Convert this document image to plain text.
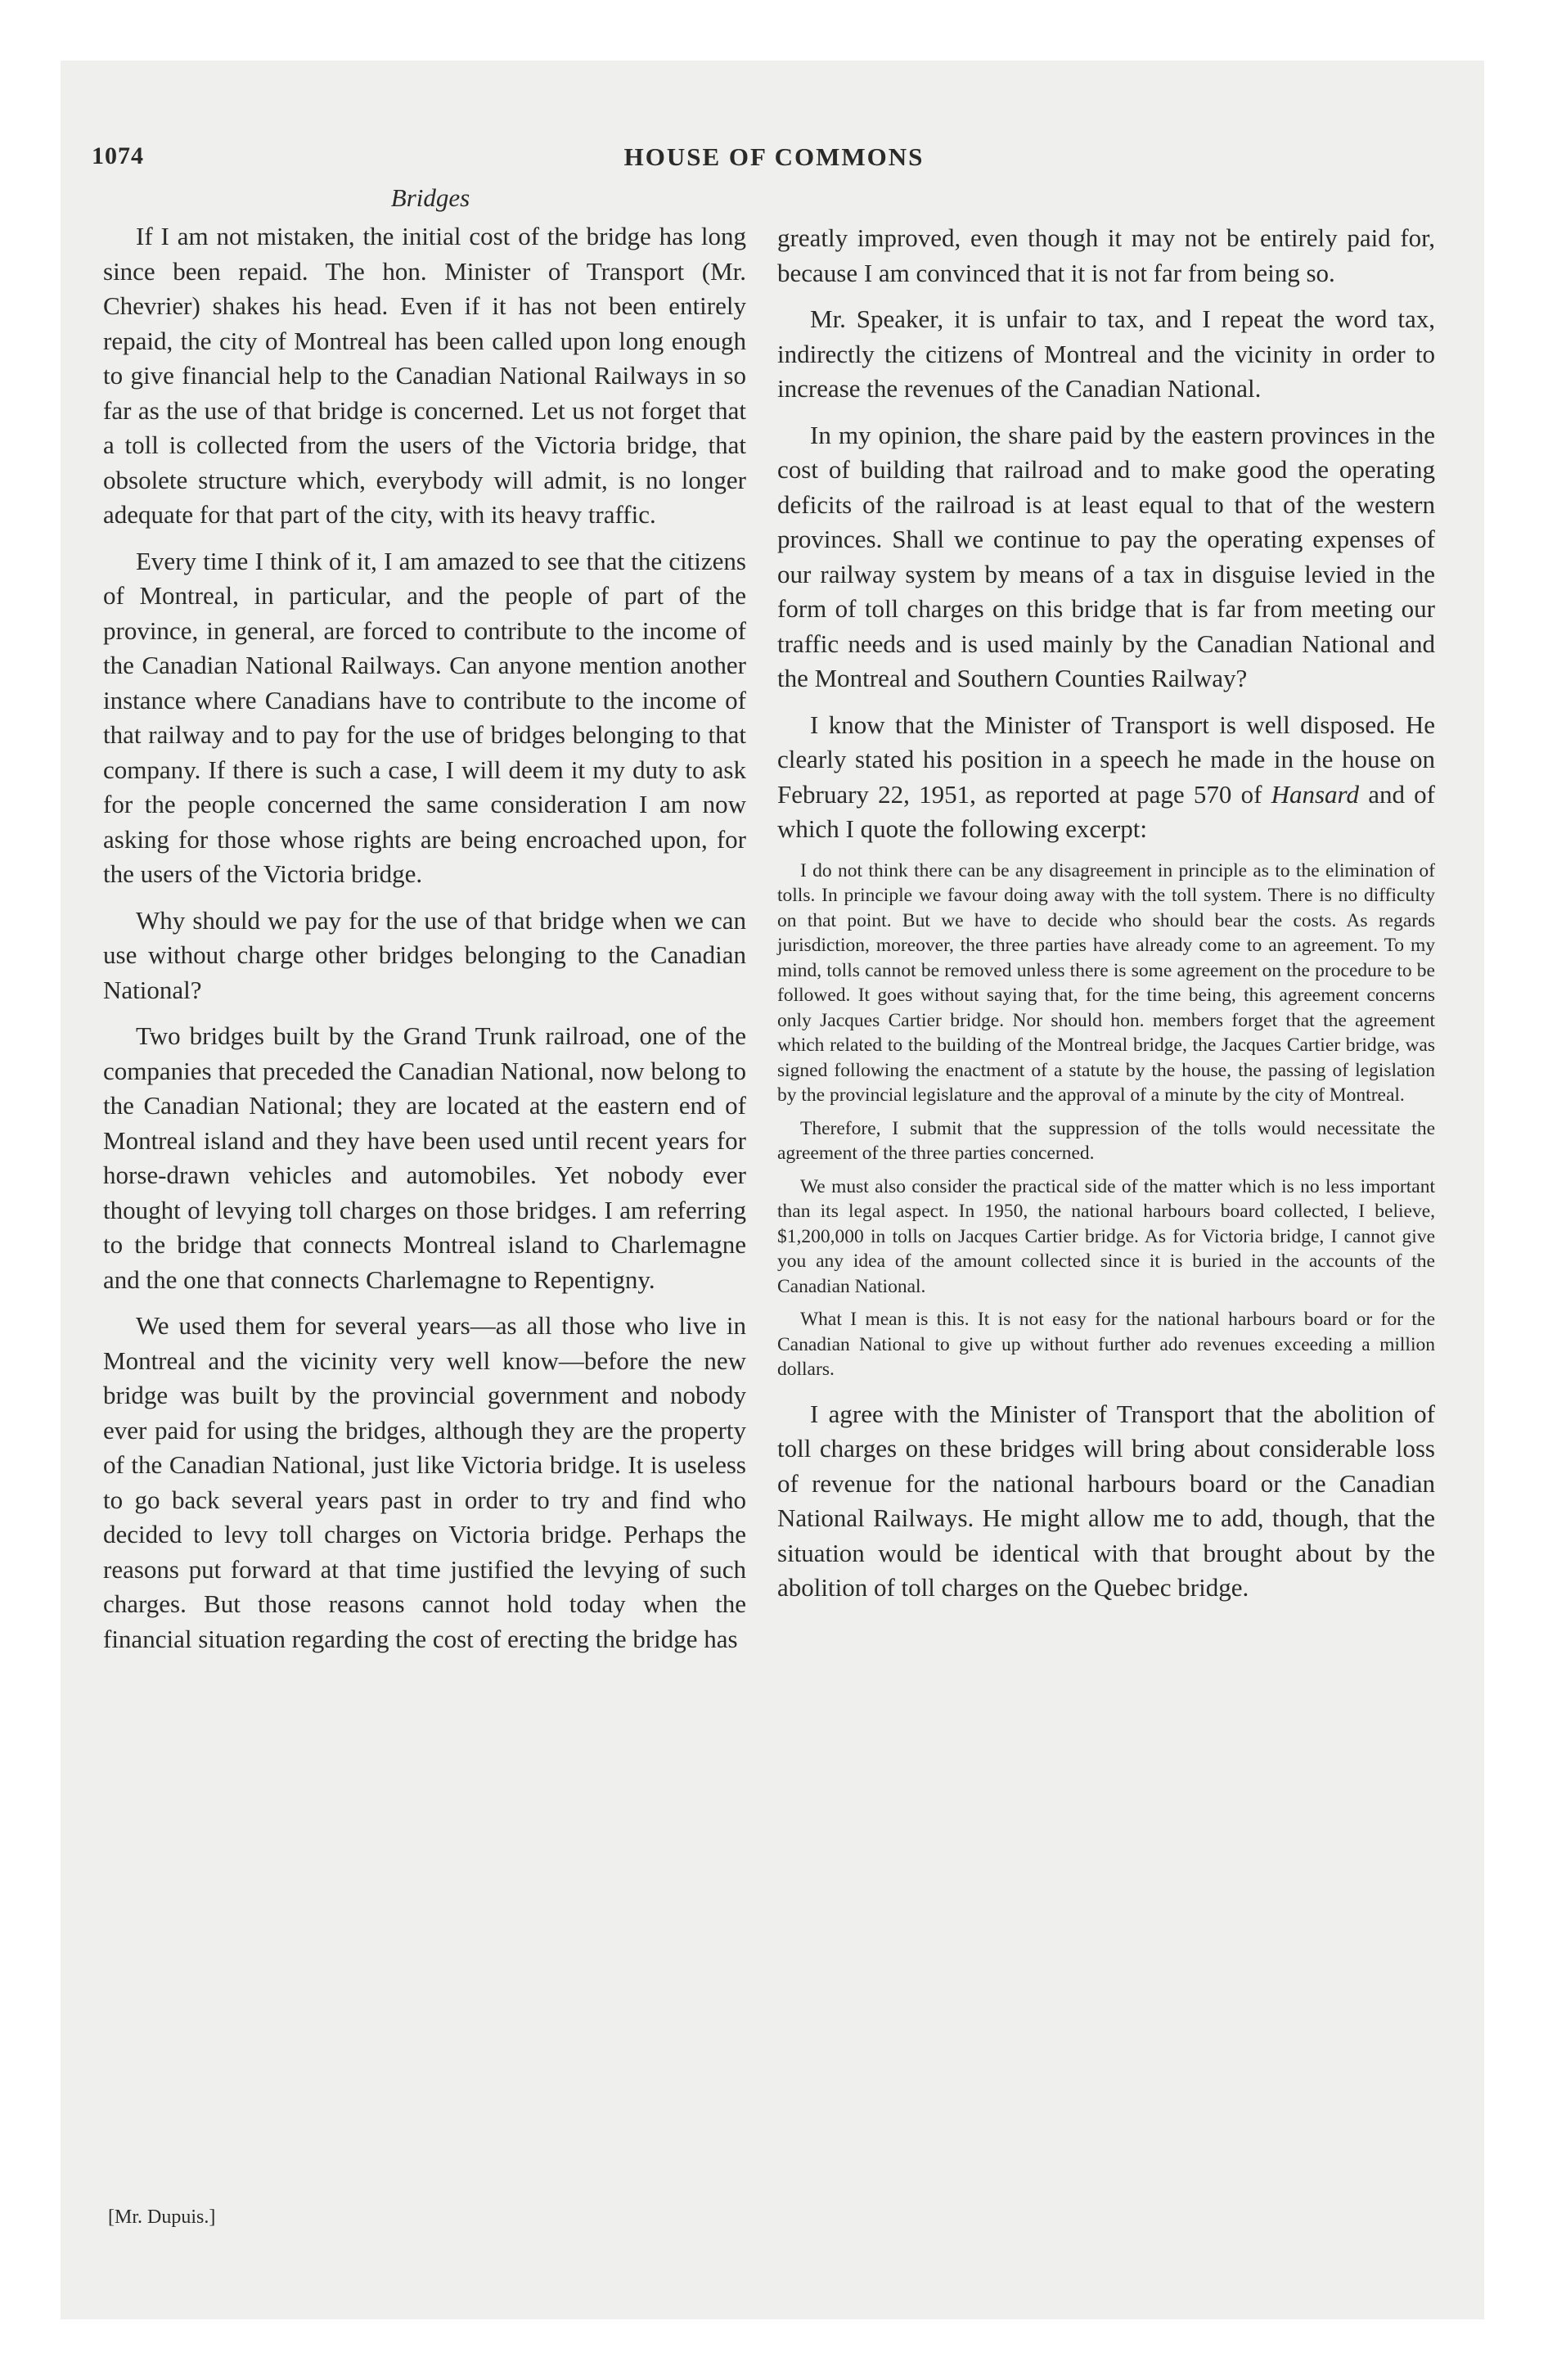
1074	HOUSE OF COMMONS
Bridges

If I am not mistaken, the initial cost of the bridge has long since been repaid. The hon. Minister of Transport (Mr. Chevrier) shakes his head. Even if it has not been entirely repaid, the city of Montreal has been called upon long enough to give financial help to the Canadian National Railways in so far as the use of that bridge is concerned. Let us not forget that a toll is collected from the users of the Victoria bridge, that obsolete structure which, everybody will admit, is no longer adequate for that part of the city, with its heavy traffic.

Every time I think of it, I am amazed to see that the citizens of Montreal, in particular, and the people of part of the province, in general, are forced to contribute to the income of the Canadian National Railways. Can anyone mention another instance where Canadians have to contribute to the income of that railway and to pay for the use of bridges belonging to that company. If there is such a case, I will deem it my duty to ask for the people concerned the same consideration I am now asking for those whose rights are being encroached upon, for the users of the Victoria bridge.

Why should we pay for the use of that bridge when we can use without charge other bridges belonging to the Canadian National?

Two bridges built by the Grand Trunk railroad, one of the companies that preceded the Canadian National, now belong to the Canadian National; they are located at the eastern end of Montreal island and they have been used until recent years for horse-drawn vehicles and automobiles. Yet nobody ever thought of levying toll charges on those bridges. I am referring to the bridge that connects Montreal island to Charlemagne and the one that connects Charlemagne to Repentigny.

We used them for several years—as all those who live in Montreal and the vicinity very well know—before the new bridge was built by the provincial government and nobody ever paid for using the bridges, although they are the property of the Canadian National, just like Victoria bridge. It is useless to go back several years past in order to try and find who decided to levy toll charges on Victoria bridge. Perhaps the reasons put forward at that time justified the levying of such charges. But those reasons cannot hold today when the financial situation regarding the cost of erecting the bridge has

greatly improved, even though it may not be entirely paid for, because I am convinced that it is not far from being so.

Mr. Speaker, it is unfair to tax, and I repeat the word tax, indirectly the citizens of Montreal and the vicinity in order to increase the revenues of the Canadian National.

In my opinion, the share paid by the eastern provinces in the cost of building that railroad and to make good the operating deficits of the railroad is at least equal to that of the western provinces. Shall we continue to pay the operating expenses of our railway system by means of a tax in disguise levied in the form of toll charges on this bridge that is far from meeting our traffic needs and is used mainly by the Canadian National and the Montreal and Southern Counties Railway?

I know that the Minister of Transport is well disposed. He clearly stated his position in a speech he made in the house on February 22, 1951, as reported at page 570 of Hansard and of which I quote the following excerpt:

I do not think there can be any disagreement in principle as to the elimination of tolls. In principle we favour doing away with the toll system. There is no difficulty on that point. But we have to decide who should bear the costs. As regards jurisdiction, moreover, the three parties have already come to an agreement. To my mind, tolls cannot be removed unless there is some agreement on the procedure to be followed. It goes without saying that, for the time being, this agreement concerns only Jacques Cartier bridge. Nor should hon. members forget that the agreement which related to the building of the Montreal bridge, the Jacques Cartier bridge, was signed following the enactment of a statute by the house, the passing of legislation by the provincial legislature and the approval of a minute by the city of Montreal.

Therefore, I submit that the suppression of the tolls would necessitate the agreement of the three parties concerned.

We must also consider the practical side of the matter which is no less important than its legal aspect. In 1950, the national harbours board collected, I believe, $1,200,000 in tolls on Jacques Cartier bridge. As for Victoria bridge, I cannot give you any idea of the amount collected since it is buried in the accounts of the Canadian National.

What I mean is this. It is not easy for the national harbours board or for the Canadian National to give up without further ado revenues exceeding a million dollars.

I agree with the Minister of Transport that the abolition of toll charges on these bridges will bring about considerable loss of revenue for the national harbours board or the Canadian National Railways. He might allow me to add, though, that the situation would be identical with that brought about by the abolition of toll charges on the Quebec bridge.

[Mr. Dupuis.]
